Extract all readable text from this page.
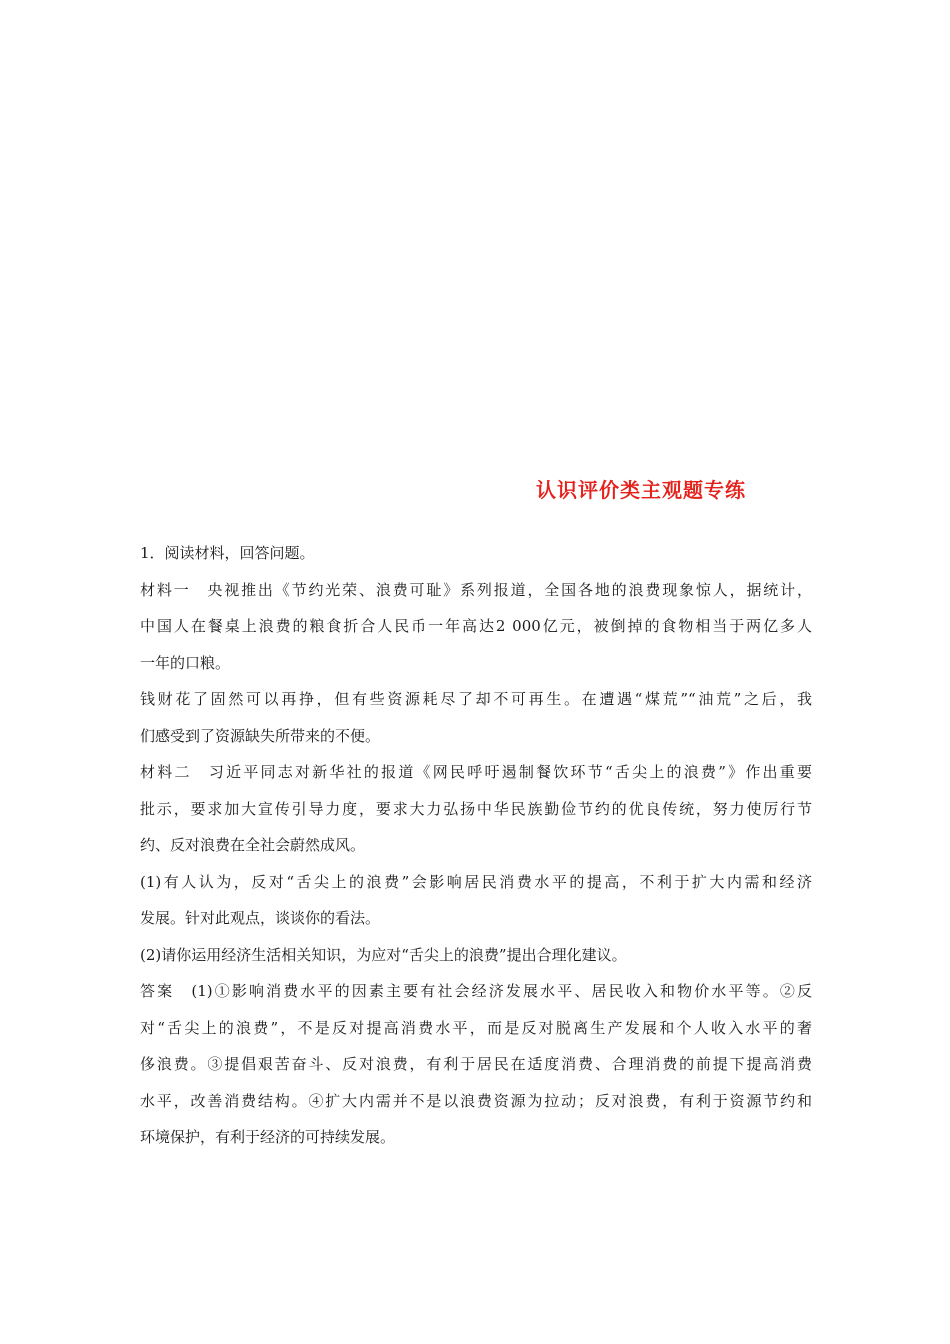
认识评价类主观题专练
1．阅读材料，回答问题。
材料一　央视推出《节约光荣、浪费可耻》系列报道，全国各地的浪费现象惊人，据统计，
中国人在餐桌上浪费的粮食折合人民币一年高达2 000亿元，被倒掉的食物相当于两亿多人
一年的口粮。
钱财花了固然可以再挣，但有些资源耗尽了却不可再生。在遭遇“煤荒”“油荒”之后，我
们感受到了资源缺失所带来的不便。
材料二　习近平同志对新华社的报道《网民呼吁遏制餐饮环节“舌尖上的浪费”》作出重要
批示，要求加大宣传引导力度，要求大力弘扬中华民族勤俭节约的优良传统，努力使厉行节
约、反对浪费在全社会蔚然成风。
(1)有人认为，反对“舌尖上的浪费”会影响居民消费水平的提高，不利于扩大内需和经济
发展。针对此观点，谈谈你的看法。
(2)请你运用经济生活相关知识，为应对“舌尖上的浪费”提出合理化建议。
答案　(1)①影响消费水平的因素主要有社会经济发展水平、居民收入和物价水平等。②反
对“舌尖上的浪费”，不是反对提高消费水平，而是反对脱离生产发展和个人收入水平的奢
侈浪费。③提倡艰苦奋斗、反对浪费，有利于居民在适度消费、合理消费的前提下提高消费
水平，改善消费结构。④扩大内需并不是以浪费资源为拉动；反对浪费，有利于资源节约和
环境保护，有利于经济的可持续发展。
